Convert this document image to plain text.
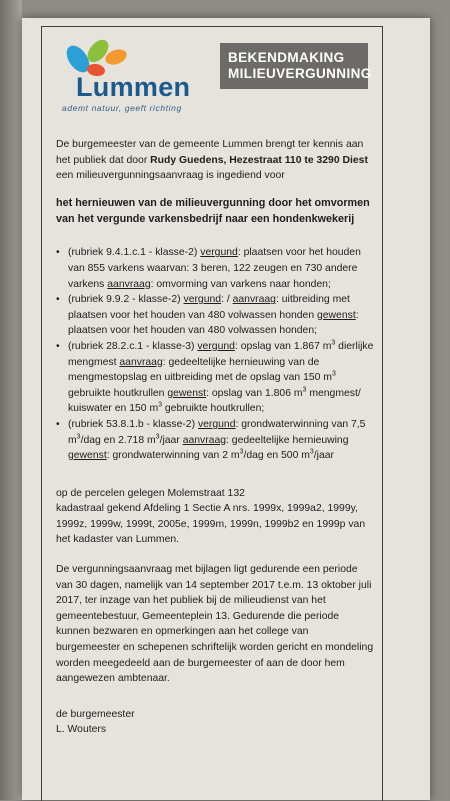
Lummen
ademt natuur, geeft richting
BEKENDMAKING
MILIEUVERGUNNING

De burgemeester van de gemeente Lummen brengt ter kennis aan het publiek dat door Rudy Guedens, Hezestraat 110 te 3290 Diest een milieuvergunningsaanvraag is ingediend voor

het hernieuwen van de milieuvergunning door het omvormen van het vergunde varkensbedrijf naar een hondenkwekerij

• (rubriek 9.4.1.c.1 - klasse-2) vergund: plaatsen voor het houden van 855 varkens waarvan: 3 beren, 122 zeugen en 730 andere varkens aanvraag: omvorming van varkens naar honden;
• (rubriek 9.9.2 - klasse-2) vergund: / aanvraag: uitbreiding met plaatsen voor het houden van 480 volwassen honden gewenst: plaatsen voor het houden van 480 volwassen honden;
• (rubriek 28.2.c.1 - klasse-3) vergund: opslag van 1.867 $m^3$ dierlijke mengmest aanvraag: gedeeltelijke hernieuwing van de mengmestopslag en uitbreiding met de opslag van 150 $m^3$ gebruikte houtkrullen gewenst: opslag van 1.806 $m^3$ mengmest/ kuiswater en 150 $m^3$ gebruikte houtkrullen;
• (rubriek 53.8.1.b - klasse-2) vergund: grondwaterwinning van 7,5 $m^3$/dag en 2.718 $m^3$/jaar aanvraag: gedeeltelijke hernieuwing gewenst: grondwaterwinning van 2 $m^3$/dag en 500 $m^3$/jaar
op de percelen gelegen Molemstraat 132
kadastraal gekend Afdeling 1 Sectie A nrs. 1999x, 1999a2, 1999y, 1999z, 1999w, 1999t, 2005e, 1999m, 1999n, 1999b2 en 1999p van het kadaster van Lummen.

De vergunningsaanvraag met bijlagen ligt gedurende een periode van 30 dagen, namelijk van 14 september 2017 t.e.m. 13 oktober juli 2017, ter inzage van het publiek bij de milieudienst van het gemeentebestuur, Gemeenteplein 13. Gedurende die periode kunnen bezwaren en opmerkingen aan het college van burgemeester en schepenen schriftelijk worden gericht en mondeling worden meegedeeld aan de burgemeester of aan de door hem aangewezen ambtenaar.

de burgemeester
L. Wouters
